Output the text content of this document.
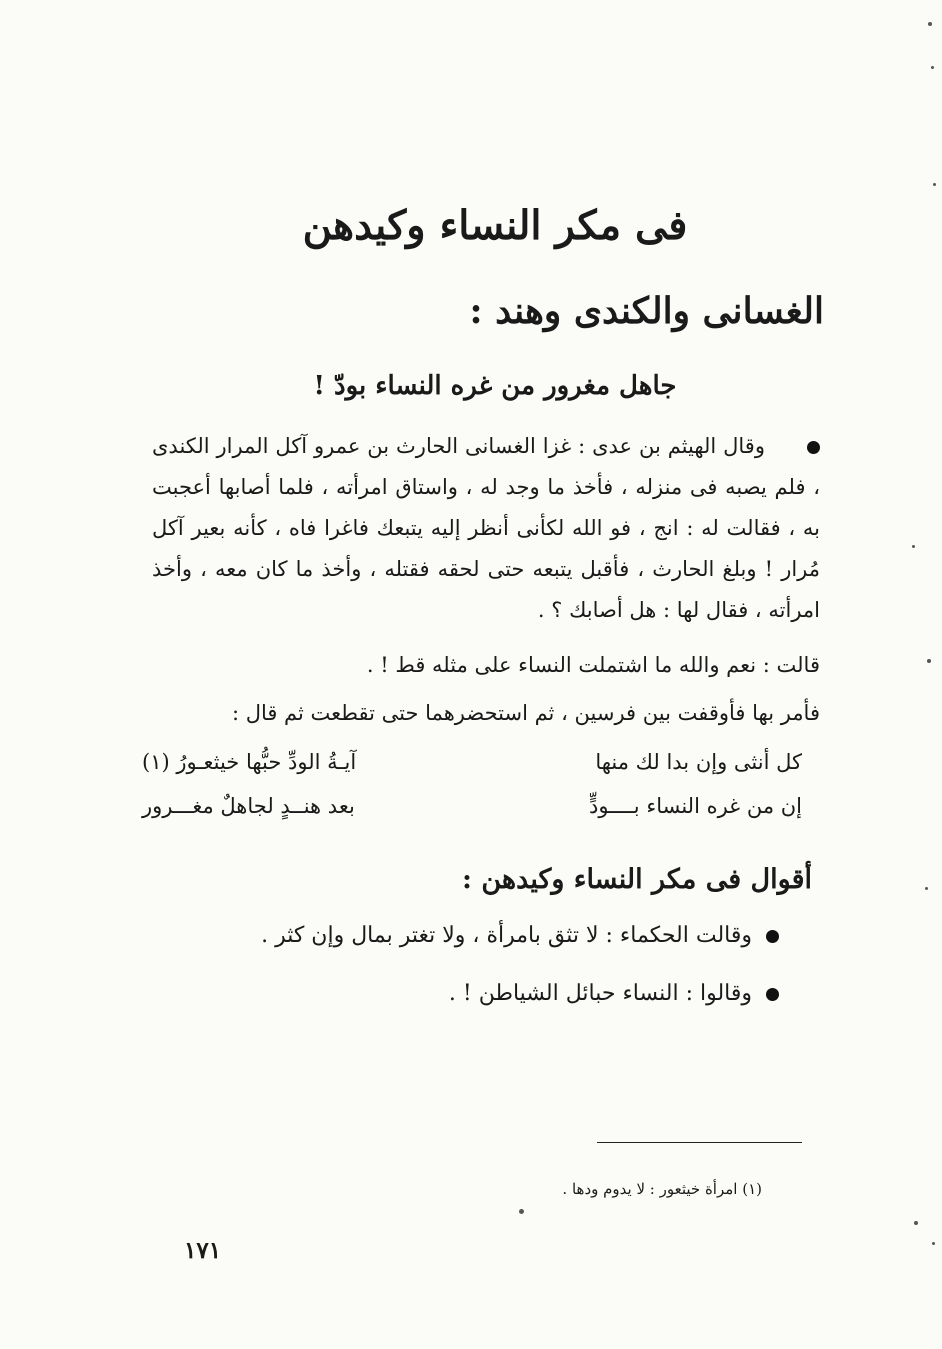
فى مكر النساء وكيدهن
الغسانى والكندى وهند :
جاهل مغرور من غره النساء بودّ !
وقال الهيثم بن عدى : غزا الغسانى الحارث بن عمرو آكل المرار الكندى ، فلم يصبه فى منزله ، فأخذ ما وجد له ، واستاق امرأته ، فلما أصابها أعجبت به ، فقالت له : انج ، فو الله لكأنى أنظر إليه يتبعك فاغرا فاه ، كأنه بعير آكل مُرار ! وبلغ الحارث ، فأقبل يتبعه حتى لحقه فقتله ، وأخذ ما كان معه ، وأخذ امرأته ، فقال لها : هل أصابك ؟ .
قالت : نعم والله ما اشتملت النساء على مثله قط ! .
فأمر بها فأوقفت بين فرسين ، ثم استحضرهما حتى تقطعت ثم قال :
كل أنثى وإن بدا لك منها
آيـةُ الودِّ حبُّها خيثعـورُ (١)
إن من غره النساء بــــودٍّ
بعد هنــدٍ لجاهلٌ مغـــرور
أقوال فى مكر النساء وكيدهن :
وقالت الحكماء : لا تثق بامرأة ، ولا تغتر بمال وإن كثر .
وقالوا : النساء حبائل الشياطن ! .
(١) امرأة خيثعور : لا يدوم ودها .
١٧١
